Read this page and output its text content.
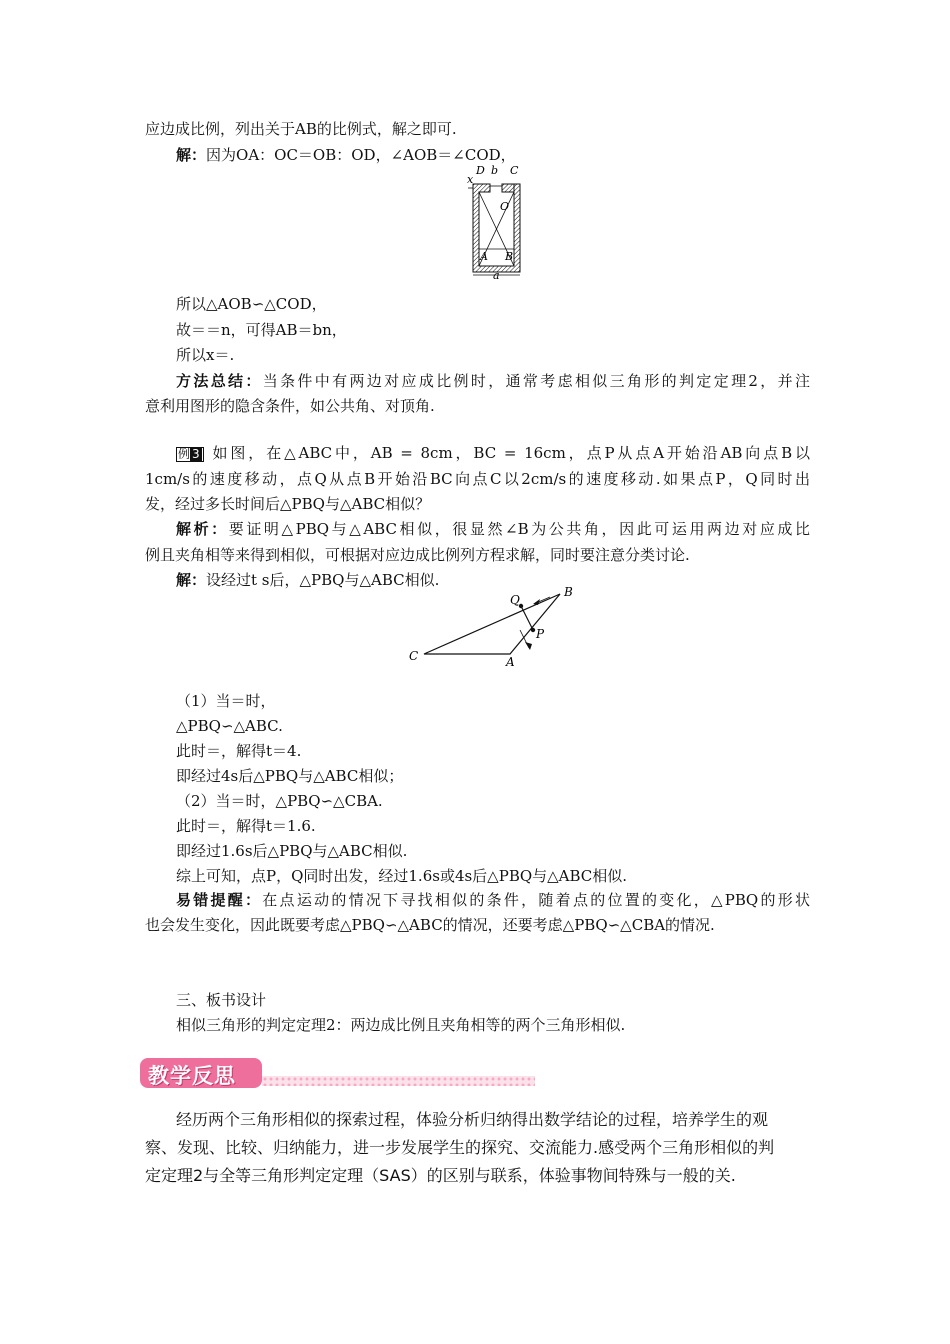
应边成比例，列出关于AB的比例式，解之即可.
解：因为OA：OC＝OB：OD，∠AOB＝∠COD，
D b C
x
O
A B
a
所以△AOB∽△COD，
故＝＝n，可得AB＝bn，
所以x＝.
方法总结：当条件中有两边对应成比例时，通常考虑相似三角形的判定定理2，并注
意利用图形的隐含条件，如公共角、对顶角.
例 3 如图，在△ABC中，AB = 8cm，BC = 16cm，点P从点A开始沿AB向点B以
1cm/s的速度移动，点Q从点B开始沿BC向点C以2cm/s的速度移动.如果点P，Q同时出
发，经过多长时间后△PBQ与△ABC相似？
解析：要证明△PBQ与△ABC相似，很显然∠B为公共角，因此可运用两边对应成比
例且夹角相等来得到相似，可根据对应边成比例列方程求解，同时要注意分类讨论.
解：设经过t s后，△PBQ与△ABC相似.
Q
B
P
C	A
（1）当＝时，
△PBQ∽△ABC.
此时＝，解得t＝4.
即经过4s后△PBQ与△ABC相似；
（2）当＝时，△PBQ∽△CBA.
此时＝，解得t＝1.6.
即经过1.6s后△PBQ与△ABC相似.
综上可知，点P，Q同时出发，经过1.6s或4s后△PBQ与△ABC相似.
易错提醒：在点运动的情况下寻找相似的条件，随着点的位置的变化，△PBQ的形状
也会发生变化，因此既要考虑△PBQ∽△ABC的情况，还要考虑△PBQ∽△CBA的情况.
三、板书设计
相似三角形的判定定理2：两边成比例且夹角相等的两个三角形相似.
教学反思
经历两个三角形相似的探索过程，体验分析归纳得出数学结论的过程，培养学生的观
察、发现、比较、归纳能力，进一步发展学生的探究、交流能力.感受两个三角形相似的判
定定理2与全等三角形判定定理（SAS）的区别与联系，体验事物间特殊与一般的关.
